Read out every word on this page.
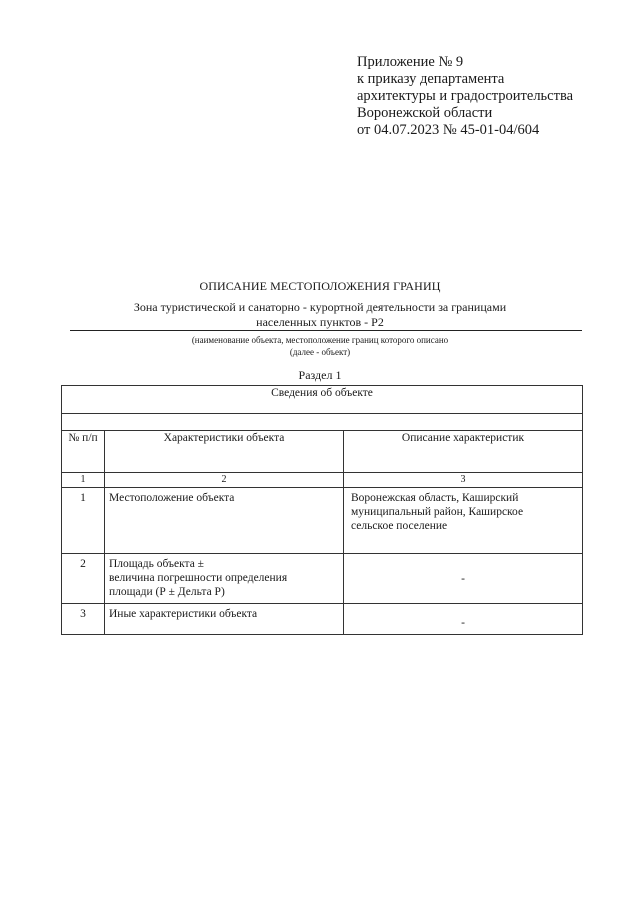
Приложение № 9
к приказу департамента
архитектуры и градостроительства
Воронежской области
от 04.07.2023 № 45-01-04/604
ОПИСАНИЕ МЕСТОПОЛОЖЕНИЯ ГРАНИЦ
Зона туристической и санаторно - курортной деятельности за границами
населенных пунктов - Р2
(наименование объекта, местоположение границ которого описано
(далее - объект)
Раздел 1
Сведения об объекте		

№ п/п	Характеристики объекта	Описание характеристик
1	2	3
1	Местоположение объекта	Воронежская область, Каширский
муниципальный район, Каширское
сельское поселение

2	Площадь объекта ±
величина погрешности определения
площади (Р ± Дельта Р)	-
3	Иные характеристики объекта	-
